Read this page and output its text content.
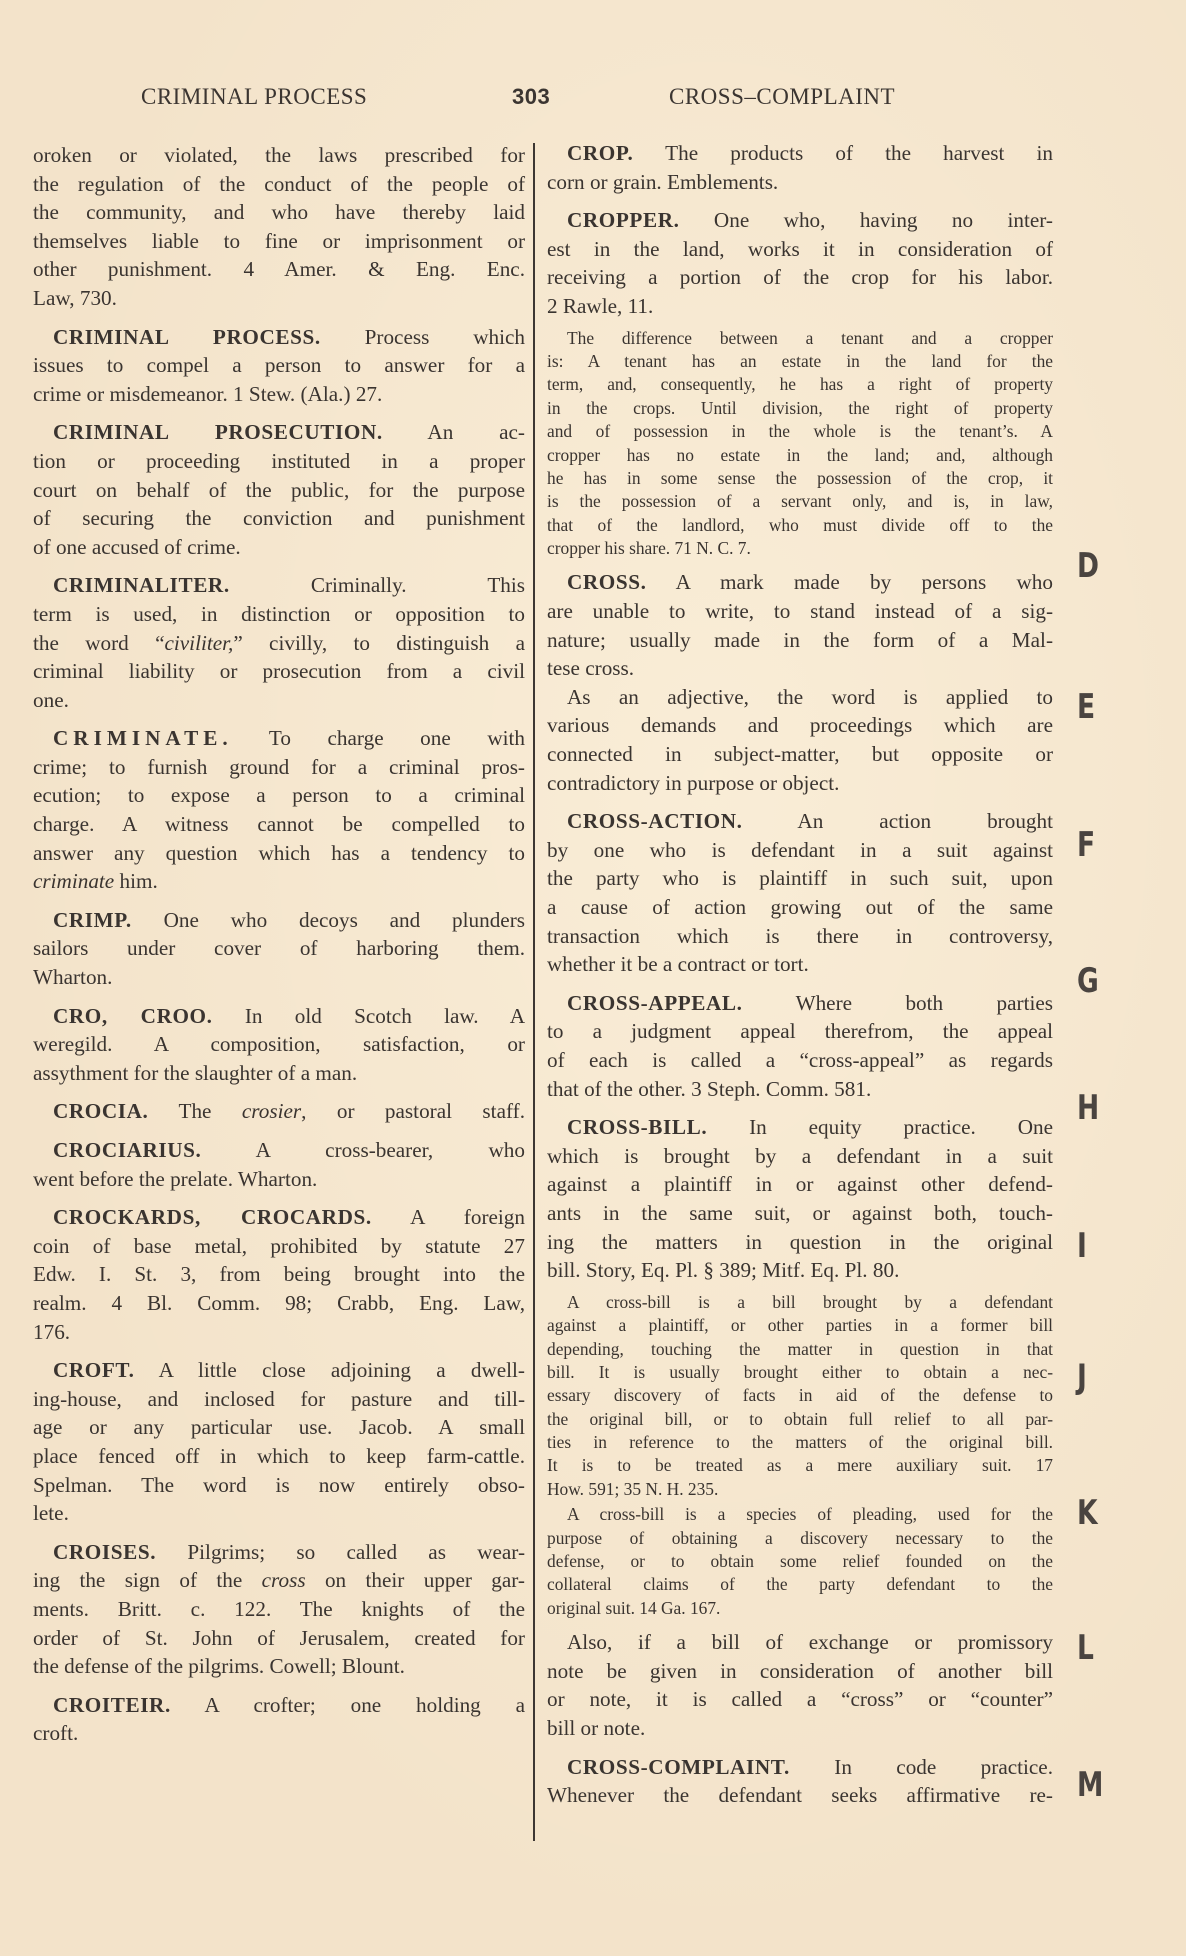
CRIMINAL PROCESS	303	CROSS–COMPLAINT
oroken or violated, the laws prescribed for
the regulation of the conduct of the people of
the community, and who have thereby laid
themselves liable to fine or imprisonment or
other punishment. 4 Amer. & Eng. Enc.
Law, 730.
CRIMINAL PROCESS. Process which
issues to compel a person to answer for a
crime or misdemeanor. 1 Stew. (Ala.) 27.
CRIMINAL PROSECUTION. An ac-
tion or proceeding instituted in a proper
court on behalf of the public, for the purpose
of securing the conviction and punishment
of one accused of crime.
CRIMINALITER.	Criminally. This
term is used, in distinction or opposition to
the word “civiliter,” civilly, to distinguish a
criminal liability or prosecution from a civil
one.
CRIMINATE. To charge one with
crime; to furnish ground for a criminal pros-
ecution; to expose a person to a criminal
charge. A witness cannot be compelled to
answer any question which has a tendency to
criminate him.
CRIMP. One who decoys and plunders
sailors under cover of harboring them.
Wharton.
CRO, CROO. In old Scotch law. A
weregild. A composition, satisfaction, or
assythment for the slaughter of a man.
CROCIA. The crosier, or pastoral staff.
CROCIARIUS.	A cross-bearer, who
went before the prelate. Wharton.
CROCKARDS, CROCARDS. A foreign
coin of base metal, prohibited by statute 27
Edw. I. St. 3, from being brought into the
realm. 4 Bl. Comm. 98; Crabb, Eng. Law,
176.
CROFT. A little close adjoining a dwell-
ing-house, and inclosed for pasture and till-
age or any particular use. Jacob. A small
place fenced off in which to keep farm-cattle.
Spelman. The word is now entirely obso-
lete.
CROISES. Pilgrims; so called as wear-
ing the sign of the cross on their upper gar-
ments. Britt. c. 122. The knights of the
order of St. John of Jerusalem, created for
the defense of the pilgrims. Cowell; Blount.
CROITEIR. A crofter; one holding a
croft.
CROP. The products of the harvest in
corn or grain. Emblements.
CROPPER. One who, having no inter-
est in the land, works it in consideration of
receiving a portion of the crop for his labor.
2 Rawle, 11.
The difference between a tenant and a cropper
is: A tenant has an estate in the land for the
term, and, consequently, he has a right of property
in the crops. Until division, the right of property
and of possession in the whole is the tenant’s. A
cropper has no estate in the land; and, although
he has in some sense the possession of the crop, it
is the possession of a servant only, and is, in law,
that of the landlord, who must divide off to the
cropper his share. 71 N. C. 7.
CROSS. A mark made by persons who
are unable to write, to stand instead of a sig-
nature; usually made in the form of a Mal-
tese cross.
As an adjective, the word is applied to
various demands and proceedings which are
connected in subject-matter, but opposite or
contradictory in purpose or object.
CROSS-ACTION.	An action brought
by one who is defendant in a suit against
the party who is plaintiff in such suit, upon
a cause of action growing out of the same
transaction which is there in controversy,
whether it be a contract or tort.
CROSS-APPEAL.	Where both parties
to a judgment appeal therefrom, the appeal
of each is called a “cross-appeal” as regards
that of the other. 3 Steph. Comm. 581.
CROSS-BILL. In equity practice. One
which is brought by a defendant in a suit
against a plaintiff in or against other defend-
ants in the same suit, or against both, touch-
ing the matters in question in the original
bill. Story, Eq. Pl. § 389; Mitf. Eq. Pl. 80.
A cross-bill is a bill brought by a defendant
against a plaintiff, or other parties in a former bill
depending, touching the matter in question in that
bill. It is usually brought either to obtain a nec-
essary discovery of facts in aid of the defense to
the original bill, or to obtain full relief to all par-
ties in reference to the matters of the original bill.
It is to be treated as a mere auxiliary suit. 17
How. 591; 35 N. H. 235.
A cross-bill is a species of pleading, used for the
purpose of obtaining a discovery necessary to the
defense, or to obtain some relief founded on the
collateral claims of the party defendant to the
original suit. 14 Ga. 167.
Also, if a bill of exchange or promissory
note be given in consideration of another bill
or note, it is called a “cross” or “counter”
bill or note.
CROSS-COMPLAINT. In code practice.
Whenever the defendant seeks affirmative re-
D
E
F
G
H
I
J
K
L
M
